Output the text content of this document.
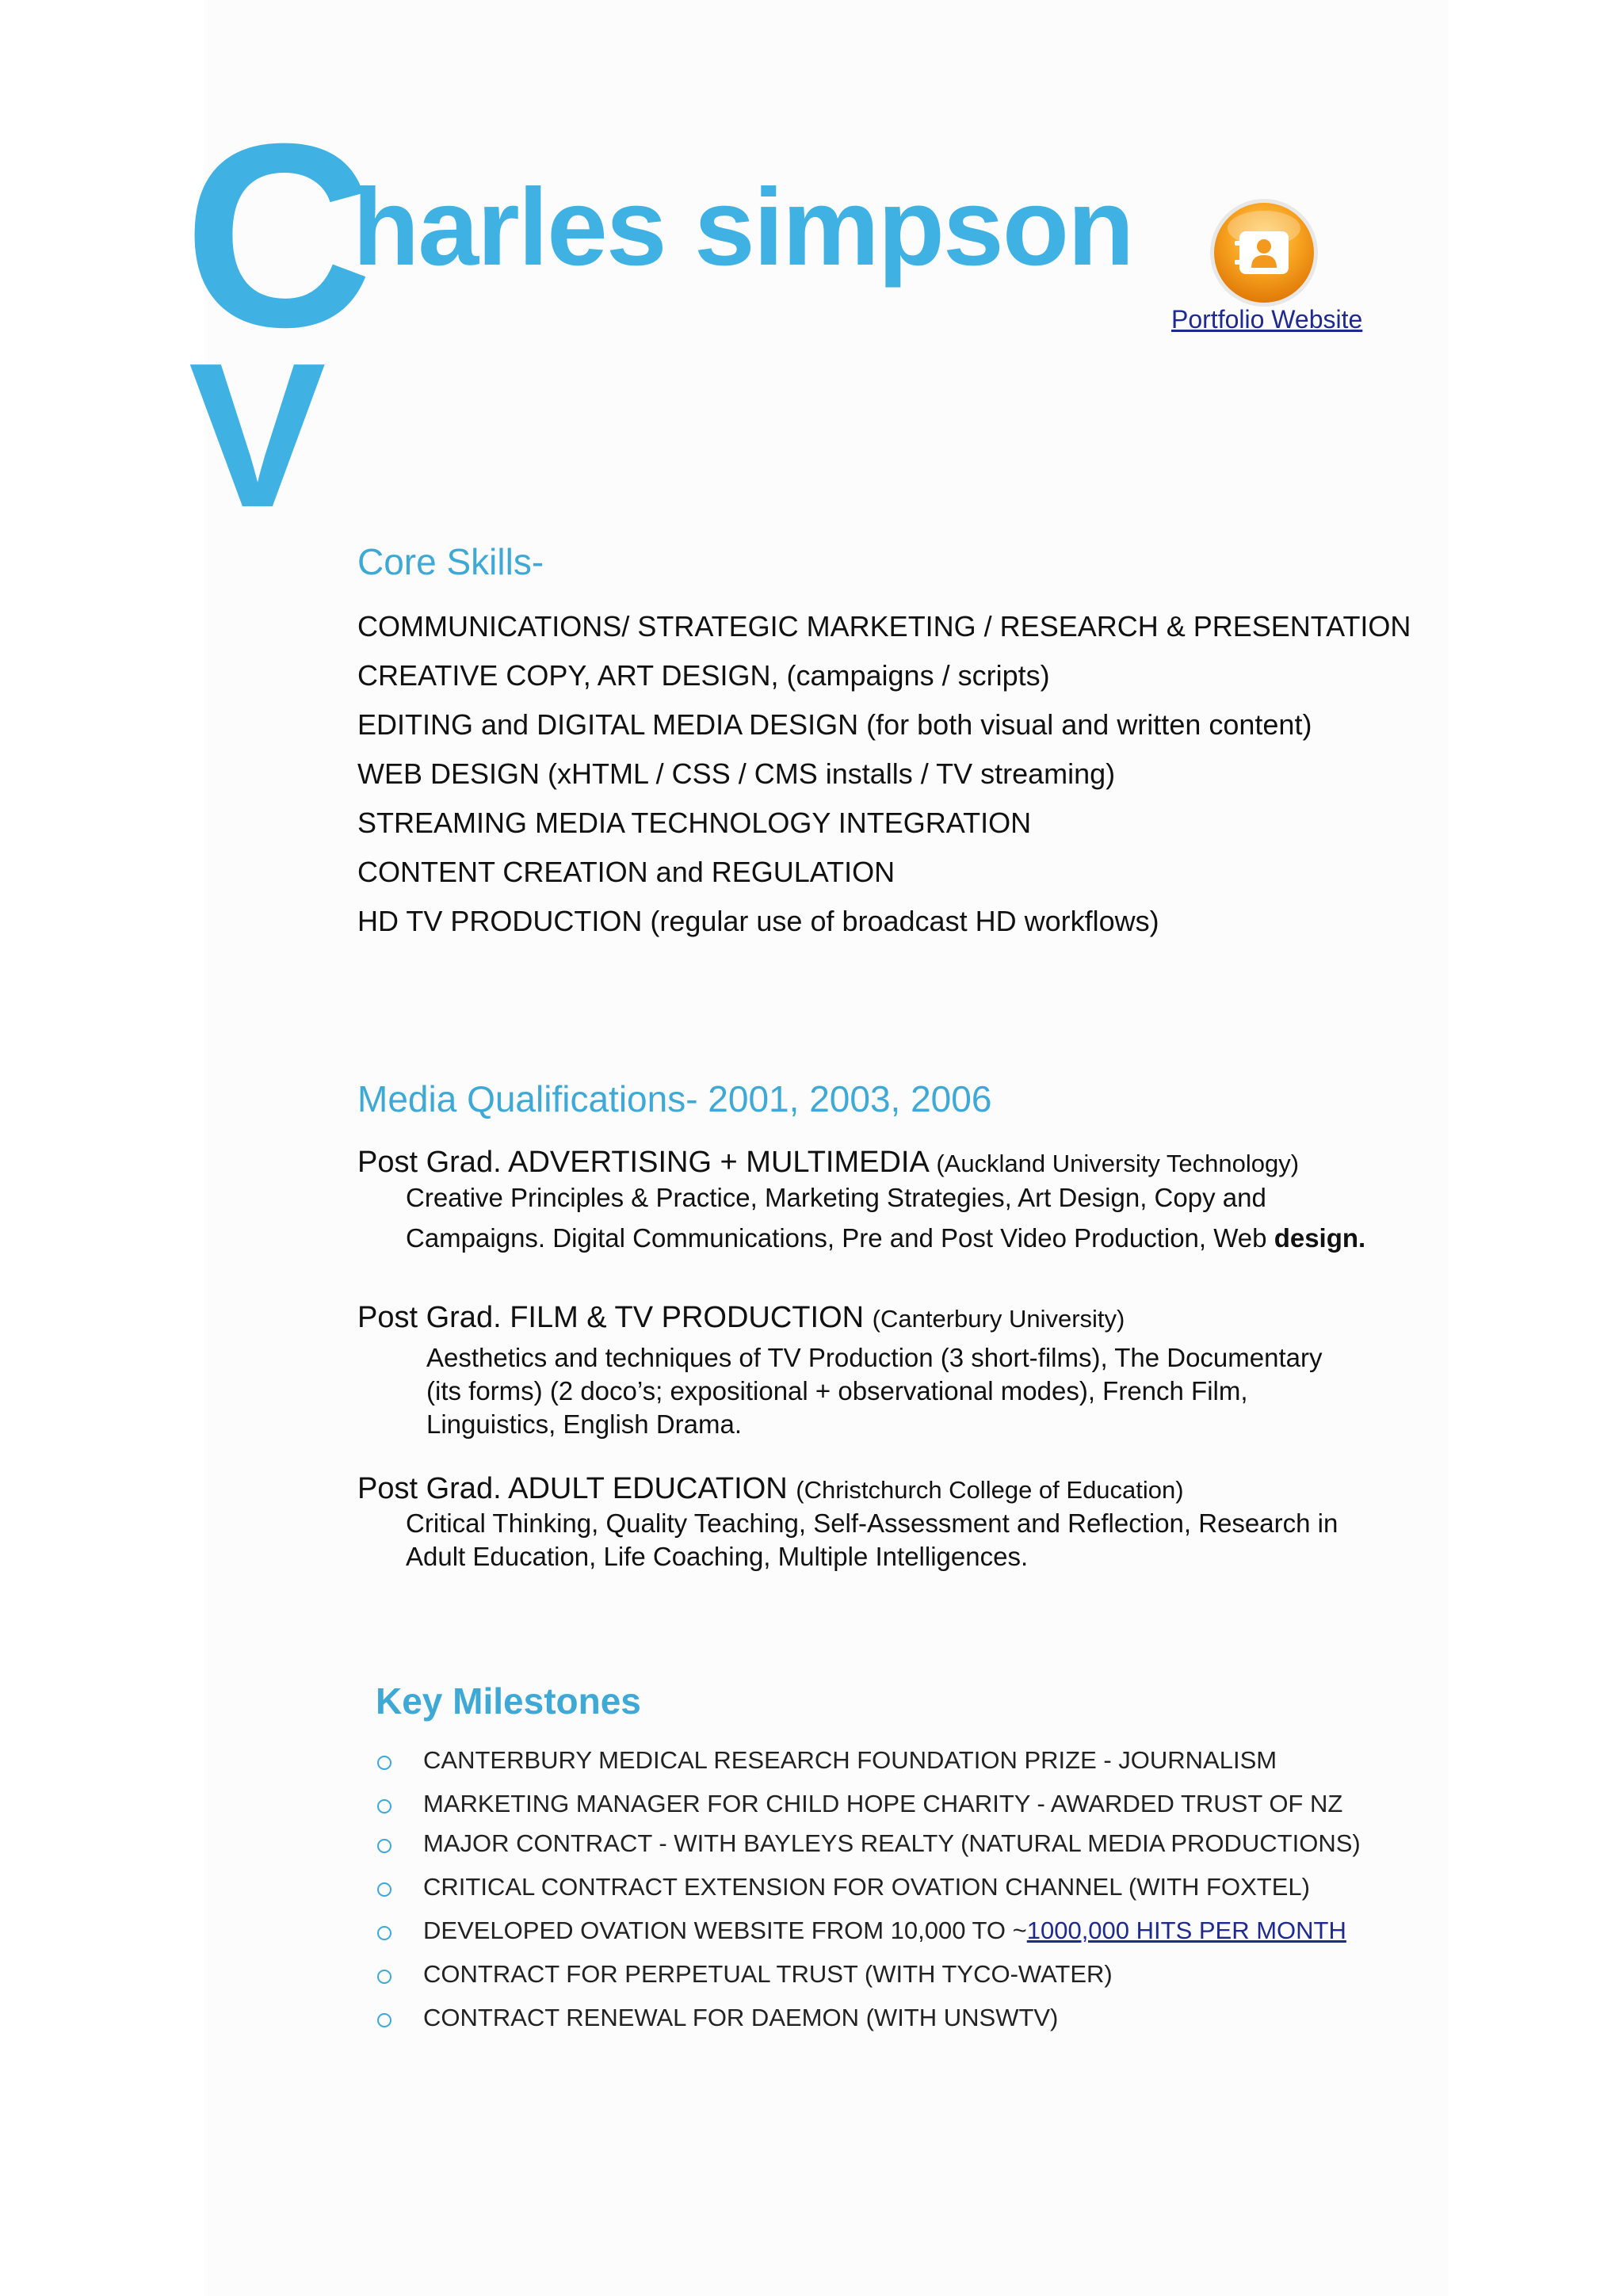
C
V
harles simpson
Portfolio Website
Core Skills-
COMMUNICATIONS/ STRATEGIC MARKETING / RESEARCH & PRESENTATION
CREATIVE COPY, ART DESIGN, (campaigns / scripts)
EDITING and DIGITAL MEDIA DESIGN (for both visual and written content)
WEB DESIGN (xHTML / CSS / CMS installs / TV streaming)
STREAMING MEDIA TECHNOLOGY INTEGRATION
CONTENT CREATION and REGULATION
HD TV PRODUCTION (regular use of broadcast HD workflows)
Media Qualifications- 2001, 2003, 2006
Post Grad. ADVERTISING + MULTIMEDIA (Auckland University Technology)
Creative Principles & Practice, Marketing Strategies, Art Design, Copy and
Campaigns. Digital Communications, Pre and Post Video Production, Web design.
Post Grad. FILM & TV PRODUCTION (Canterbury University)
Aesthetics and techniques of TV Production (3 short-films), The Documentary
(its forms) (2 doco’s; expositional + observational modes), French Film,
Linguistics, English Drama.
Post Grad. ADULT EDUCATION (Christchurch College of Education)
Critical Thinking, Quality Teaching, Self-Assessment and Reflection, Research in
Adult Education, Life Coaching, Multiple Intelligences.
Key Milestones
CANTERBURY MEDICAL RESEARCH FOUNDATION PRIZE - JOURNALISM
MARKETING MANAGER FOR CHILD HOPE CHARITY - AWARDED TRUST OF NZ
MAJOR CONTRACT - WITH BAYLEYS REALTY (NATURAL MEDIA PRODUCTIONS)
CRITICAL CONTRACT EXTENSION FOR OVATION CHANNEL (WITH FOXTEL)
DEVELOPED OVATION WEBSITE FROM 10,000 TO ~1000,000 HITS PER MONTH
CONTRACT FOR PERPETUAL TRUST (WITH TYCO-WATER)
CONTRACT RENEWAL FOR DAEMON (WITH UNSWTV)
